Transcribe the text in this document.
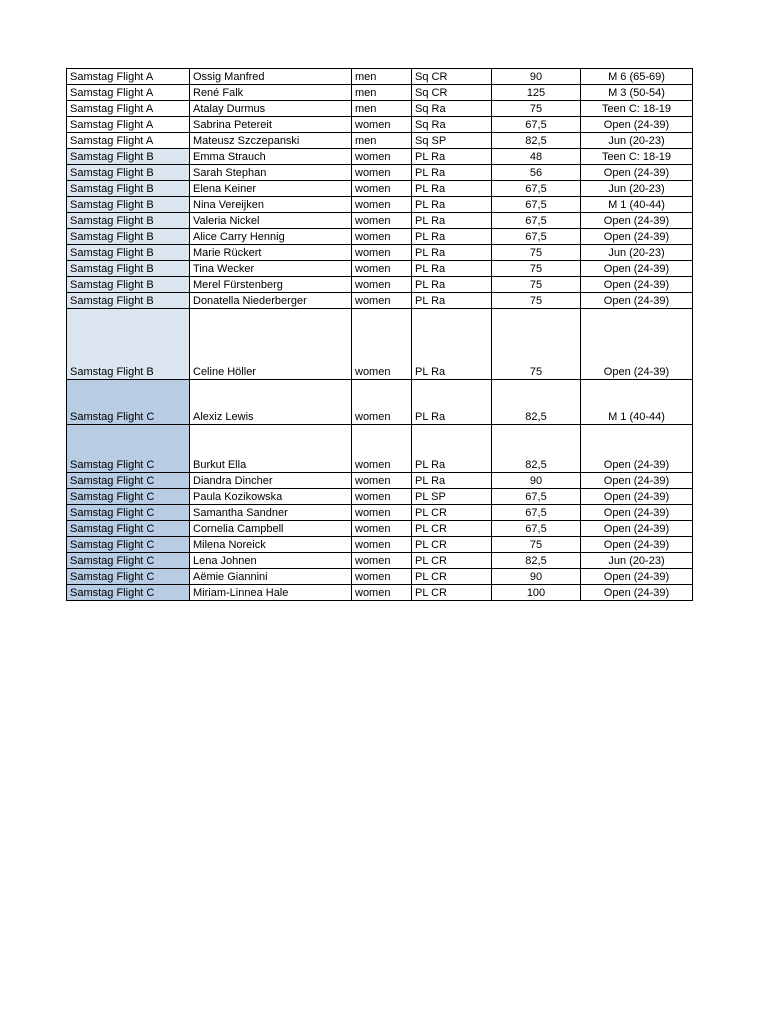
Samstag Flight A	Ossig Manfred	men	Sq CR	90	M 6 (65-69)
Samstag Flight A	René Falk	men	Sq CR	125	M 3 (50-54)
Samstag Flight A	Atalay Durmus	men	Sq Ra	75	Teen C: 18-19
Samstag Flight A	Sabrina Petereit	women	Sq Ra	67,5	Open (24-39)
Samstag Flight A	Mateusz Szczepanski	men	Sq SP	82,5	Jun (20-23)
Samstag Flight B	Emma Strauch	women	PL Ra	48	Teen C: 18-19
Samstag Flight B	Sarah Stephan	women	PL Ra	56	Open (24-39)
Samstag Flight B	Elena Keiner	women	PL Ra	67,5	Jun (20-23)
Samstag Flight B	Nina Vereijken	women	PL Ra	67,5	M 1 (40-44)
Samstag Flight B	Valeria Nickel	women	PL Ra	67,5	Open (24-39)
Samstag Flight B	Alice Carry Hennig	women	PL Ra	67,5	Open (24-39)
Samstag Flight B	Marie Rückert	women	PL Ra	75	Jun (20-23)
Samstag Flight B	Tina Wecker	women	PL Ra	75	Open (24-39)
Samstag Flight B	Merel Fürstenberg	women	PL Ra	75	Open (24-39)
Samstag Flight B	Donatella Niederberger	women	PL Ra	75	Open (24-39)
Samstag Flight B	Celine Höller	women	PL Ra	75	Open (24-39)
Samstag Flight C	Alexiz Lewis	women	PL Ra	82,5	M 1 (40-44)
Samstag Flight C	Burkut Ella	women	PL Ra	82,5	Open (24-39)
Samstag Flight C	Diandra Dincher	women	PL Ra	90	Open (24-39)
Samstag Flight C	Paula Kozikowska	women	PL SP	67,5	Open (24-39)
Samstag Flight C	Samantha Sandner	women	PL CR	67,5	Open (24-39)
Samstag Flight C	Cornelia Campbell	women	PL CR	67,5	Open (24-39)
Samstag Flight C	Milena Noreick	women	PL CR	75	Open (24-39)
Samstag Flight C	Lena Johnen	women	PL CR	82,5	Jun (20-23)
Samstag Flight C	Aëmie Giannini	women	PL CR	90	Open (24-39)
Samstag Flight C	Miriam-Linnea Hale	women	PL CR	100	Open (24-39)
